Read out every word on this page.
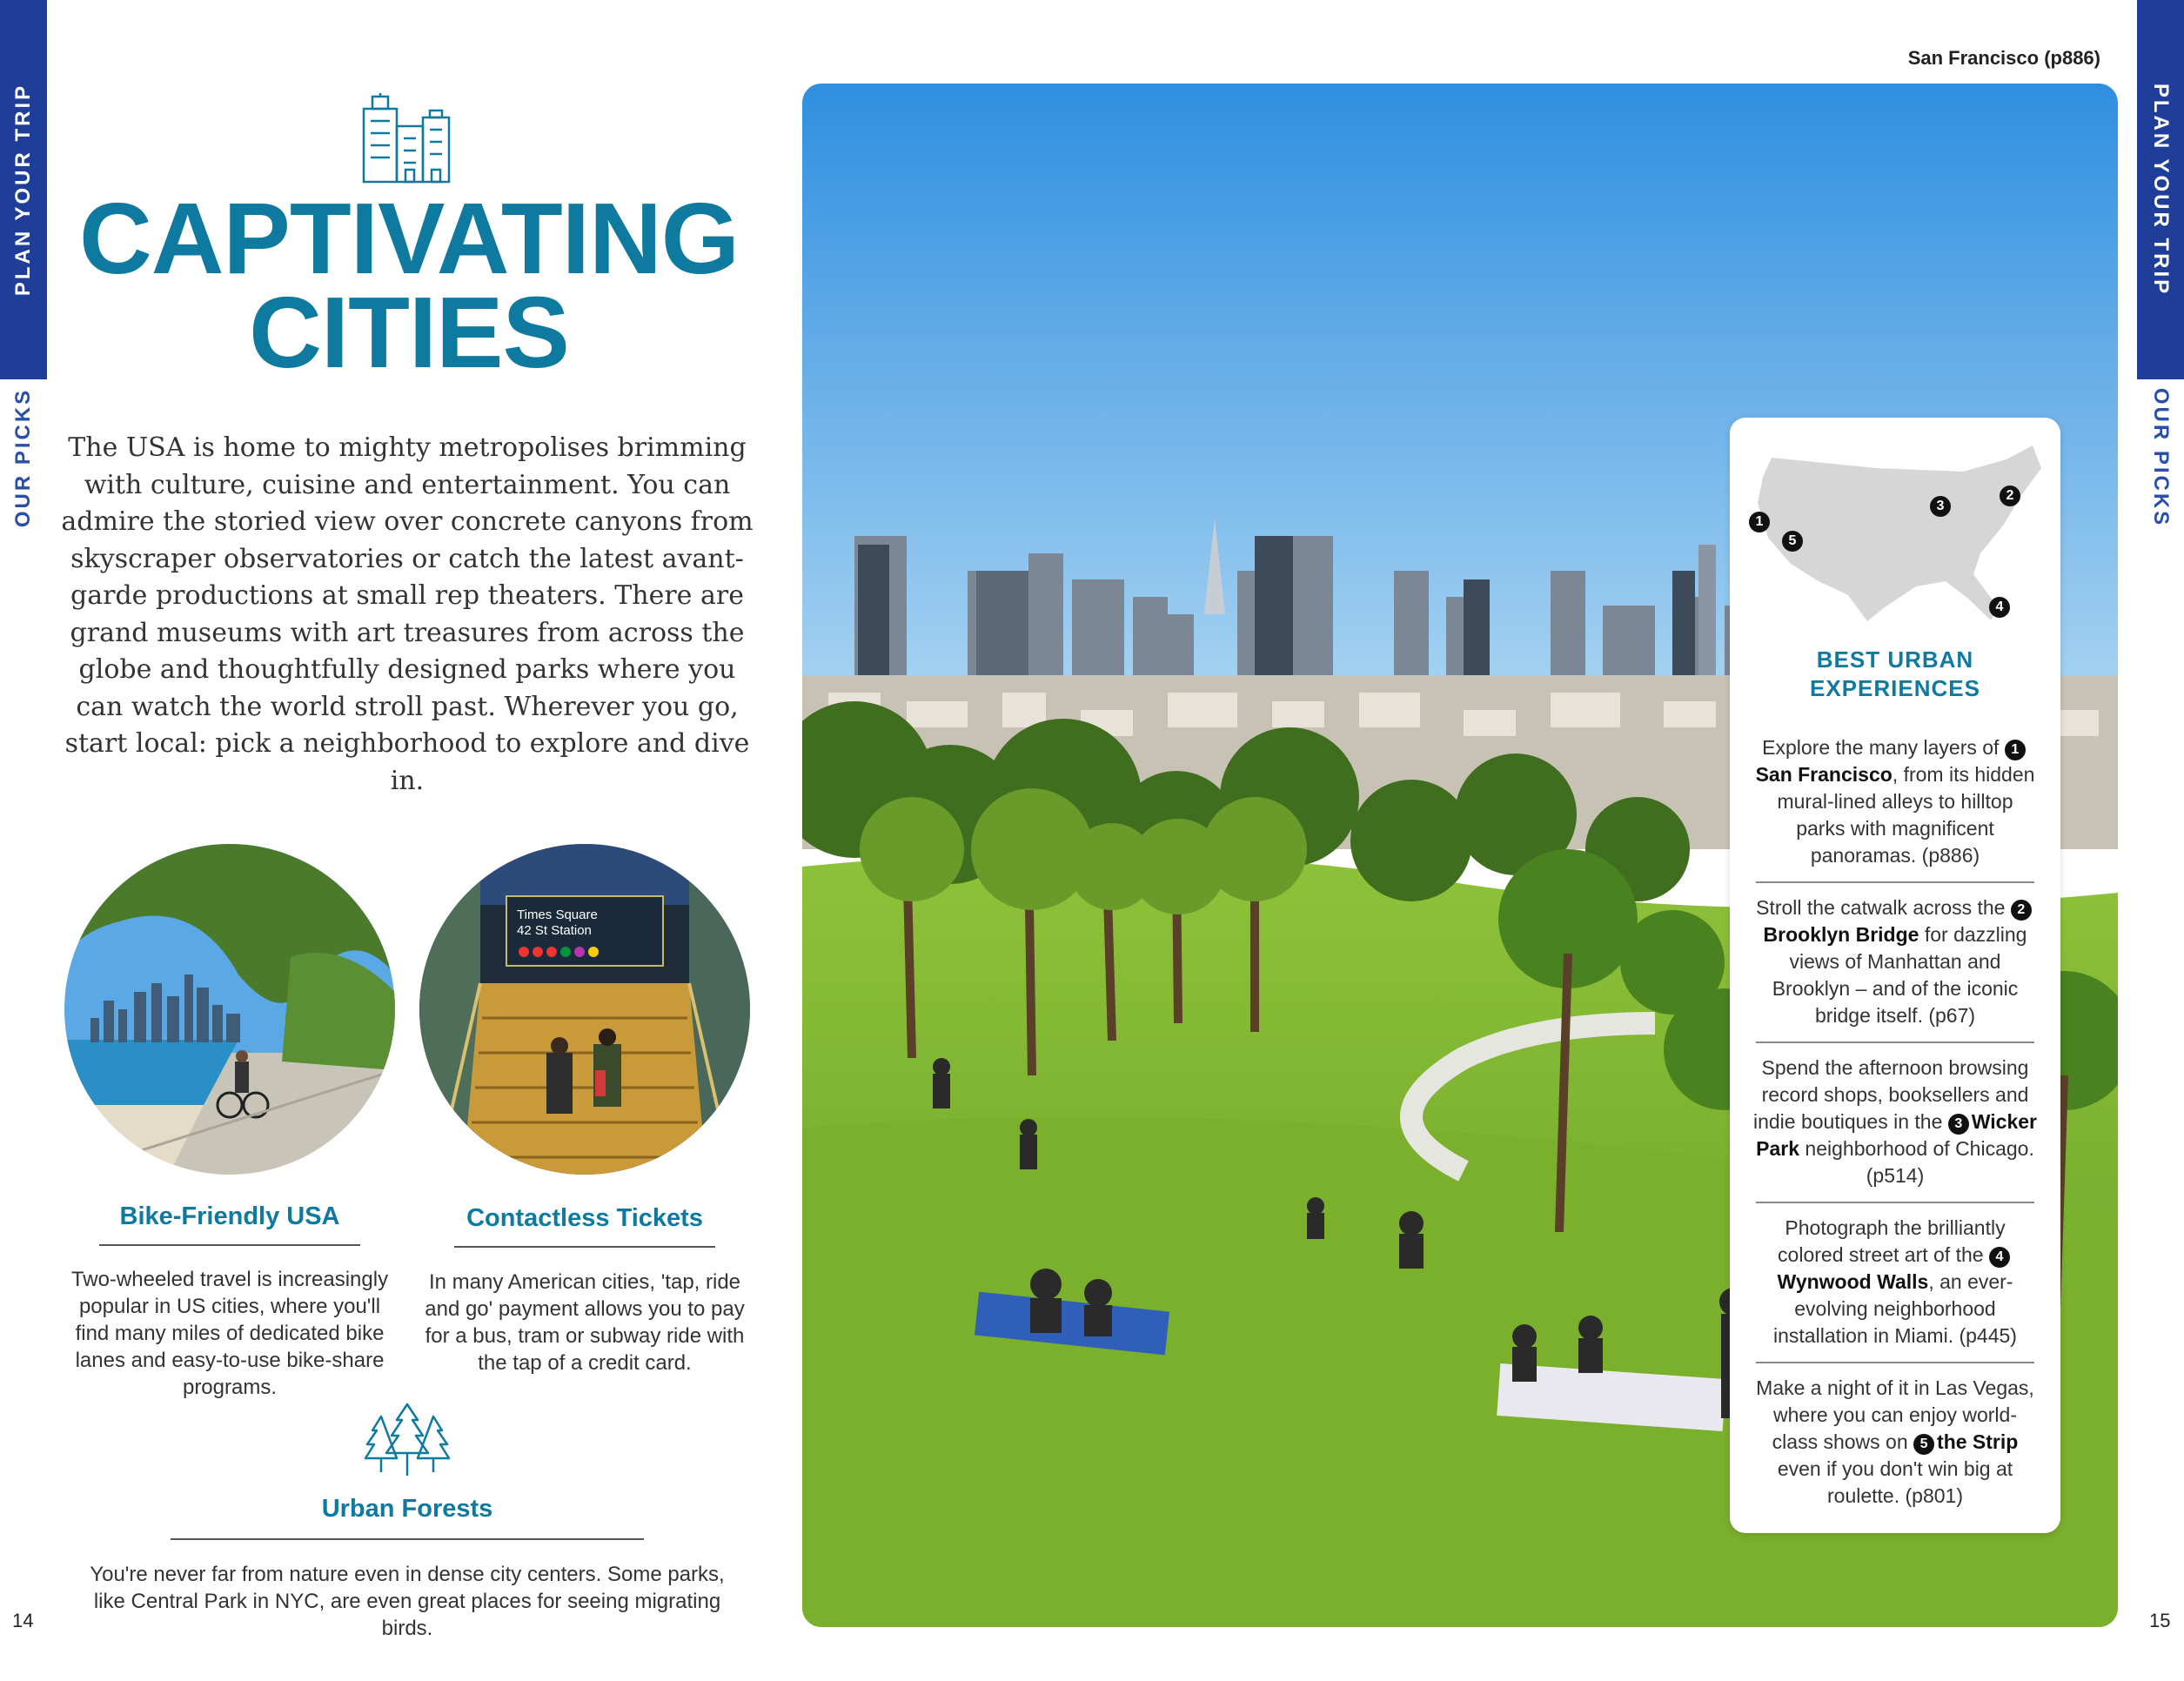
PLAN YOUR TRIP
OUR PICKS
PLAN YOUR TRIP
OUR PICKS
14	15
CAPTIVATING
CITIES

The USA is home to mighty metropolises brimming with culture, cuisine and entertainment. You can admire the storied view over concrete canyons from skyscraper observatories or catch the latest avant-garde productions at small rep theaters. There are grand museums with art treasures from across the globe and thoughtfully designed parks where you can watch the world stroll past. Wherever you go, start local: pick a neighborhood to explore and dive in.

Times Square
42 St Station
Bike-Friendly USA

Two-wheeled travel is increasingly popular in US cities, where you'll find many miles of dedicated bike lanes and easy-to-use bike-share programs.

Contactless Tickets

In many American cities, 'tap, ride and go' payment allows you to pay for a bus, tram or subway ride with the tap of a credit card.

Urban Forests

You're never far from nature even in dense city centers. Some parks, like Central Park in NYC, are even great places for seeing migrating birds.

San Francisco (p886)
1
5
3
2
4
BEST URBAN
EXPERIENCES

Explore the many layers of 1San Francisco, from its hidden mural-lined alleys to hilltop parks with magnificent panoramas. (p886)

Stroll the catwalk across the 2Brooklyn Bridge for dazzling views of Manhattan and Brooklyn – and of the iconic bridge itself. (p67)

Spend the afternoon browsing record shops, booksellers and indie boutiques in the 3 Wicker Park neighborhood of Chicago. (p514)

Photograph the brilliantly colored street art of the 4Wynwood Walls, an ever-evolving neighborhood installation in Miami. (p445)

Make a night of it in Las Vegas, where you can enjoy world-class shows on 5 the Strip even if you don't win big at roulette. (p801)
